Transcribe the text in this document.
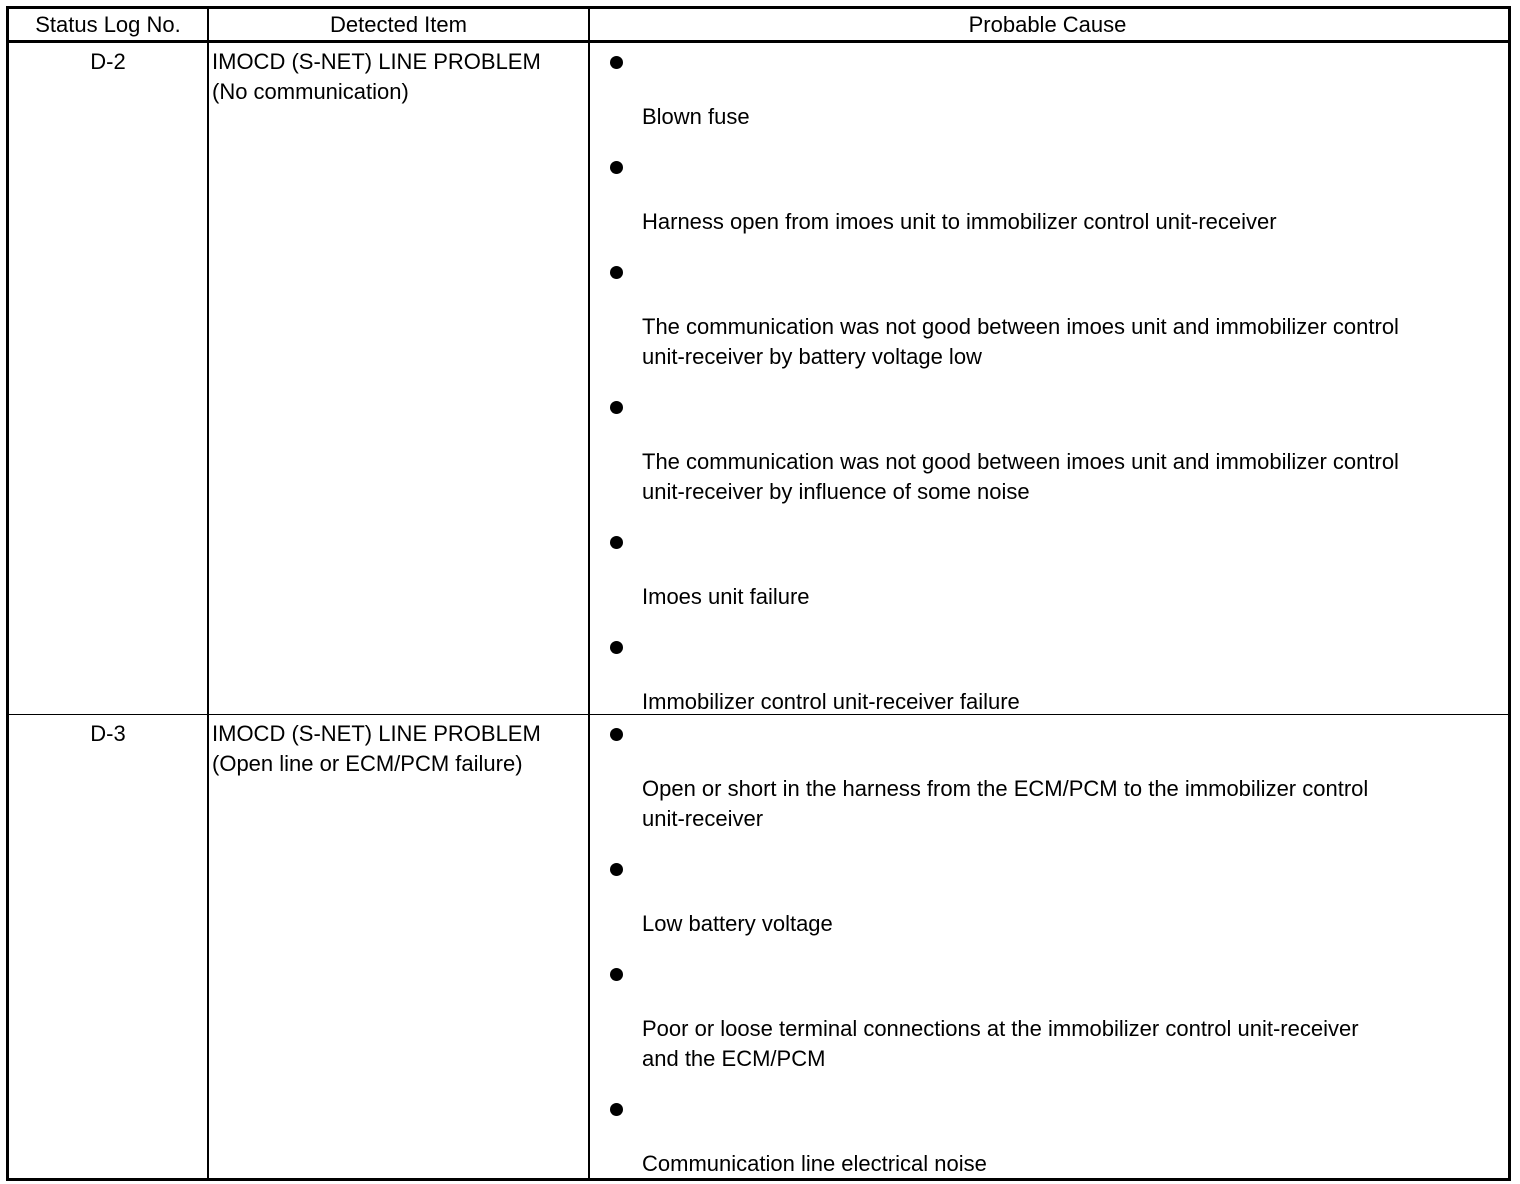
Status Log No.	Detected Item	Probable Cause
D-2	IMOCD (S-NET) LINE PROBLEM
(No communication)
Blown fuse
Harness open from imoes unit to immobilizer control unit-receiver
The communication was not good between imoes unit and immobilizer control
unit-receiver by battery voltage low
The communication was not good between imoes unit and immobilizer control
unit-receiver by influence of some noise
Imoes unit failure
Immobilizer control unit-receiver failure
D-3	IMOCD (S-NET) LINE PROBLEM
(Open line or ECM/PCM failure)
Open or short in the harness from the ECM/PCM to the immobilizer control
unit-receiver
Low battery voltage
Poor or loose terminal connections at the immobilizer control unit-receiver
and the ECM/PCM
Communication line electrical noise
